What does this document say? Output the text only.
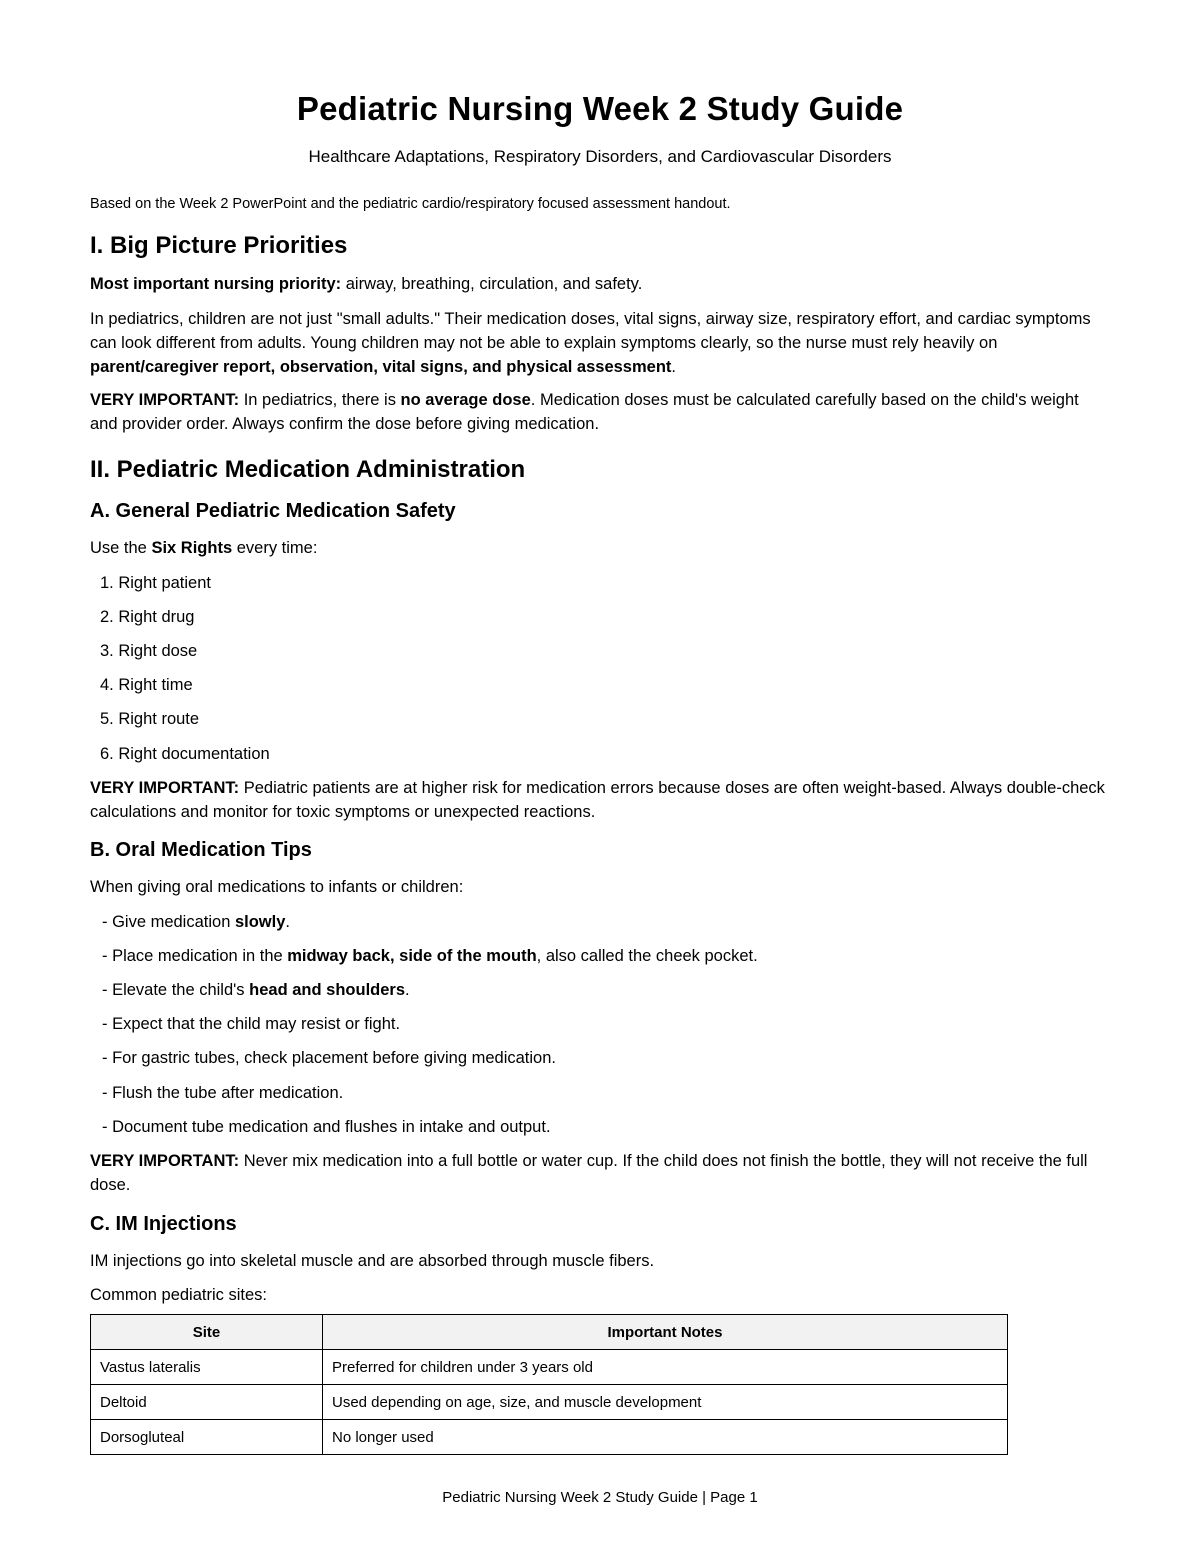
Pediatric Nursing Week 2 Study Guide
Healthcare Adaptations, Respiratory Disorders, and Cardiovascular Disorders

Based on the Week 2 PowerPoint and the pediatric cardio/respiratory focused assessment handout.

I. Big Picture Priorities

Most important nursing priority: airway, breathing, circulation, and safety.

In pediatrics, children are not just "small adults." Their medication doses, vital signs, airway size, respiratory effort, and cardiac symptoms can look different from adults. Young children may not be able to explain symptoms clearly, so the nurse must rely heavily on parent/caregiver report, observation, vital signs, and physical assessment.

VERY IMPORTANT: In pediatrics, there is no average dose. Medication doses must be calculated carefully based on the child's weight and provider order. Always confirm the dose before giving medication.

II. Pediatric Medication Administration
A. General Pediatric Medication Safety

Use the Six Rights every time:

1. Right patient
2. Right drug
3. Right dose
4. Right time
5. Right route
6. Right documentation

VERY IMPORTANT: Pediatric patients are at higher risk for medication errors because doses are often weight-based. Always double-check calculations and monitor for toxic symptoms or unexpected reactions.

B. Oral Medication Tips

When giving oral medications to infants or children:

- Give medication slowly.
- Place medication in the midway back, side of the mouth, also called the cheek pocket.
- Elevate the child's head and shoulders.
- Expect that the child may resist or fight.
- For gastric tubes, check placement before giving medication.
- Flush the tube after medication.
- Document tube medication and flushes in intake and output.

VERY IMPORTANT: Never mix medication into a full bottle or water cup. If the child does not finish the bottle, they will not receive the full dose.

C. IM Injections

IM injections go into skeletal muscle and are absorbed through muscle fibers.

Common pediatric sites:

Site	Important Notes
Vastus lateralis	Preferred for children under 3 years old
Deltoid	Used depending on age, size, and muscle development
Dorsogluteal	No longer used
Pediatric Nursing Week 2 Study Guide | Page 1
